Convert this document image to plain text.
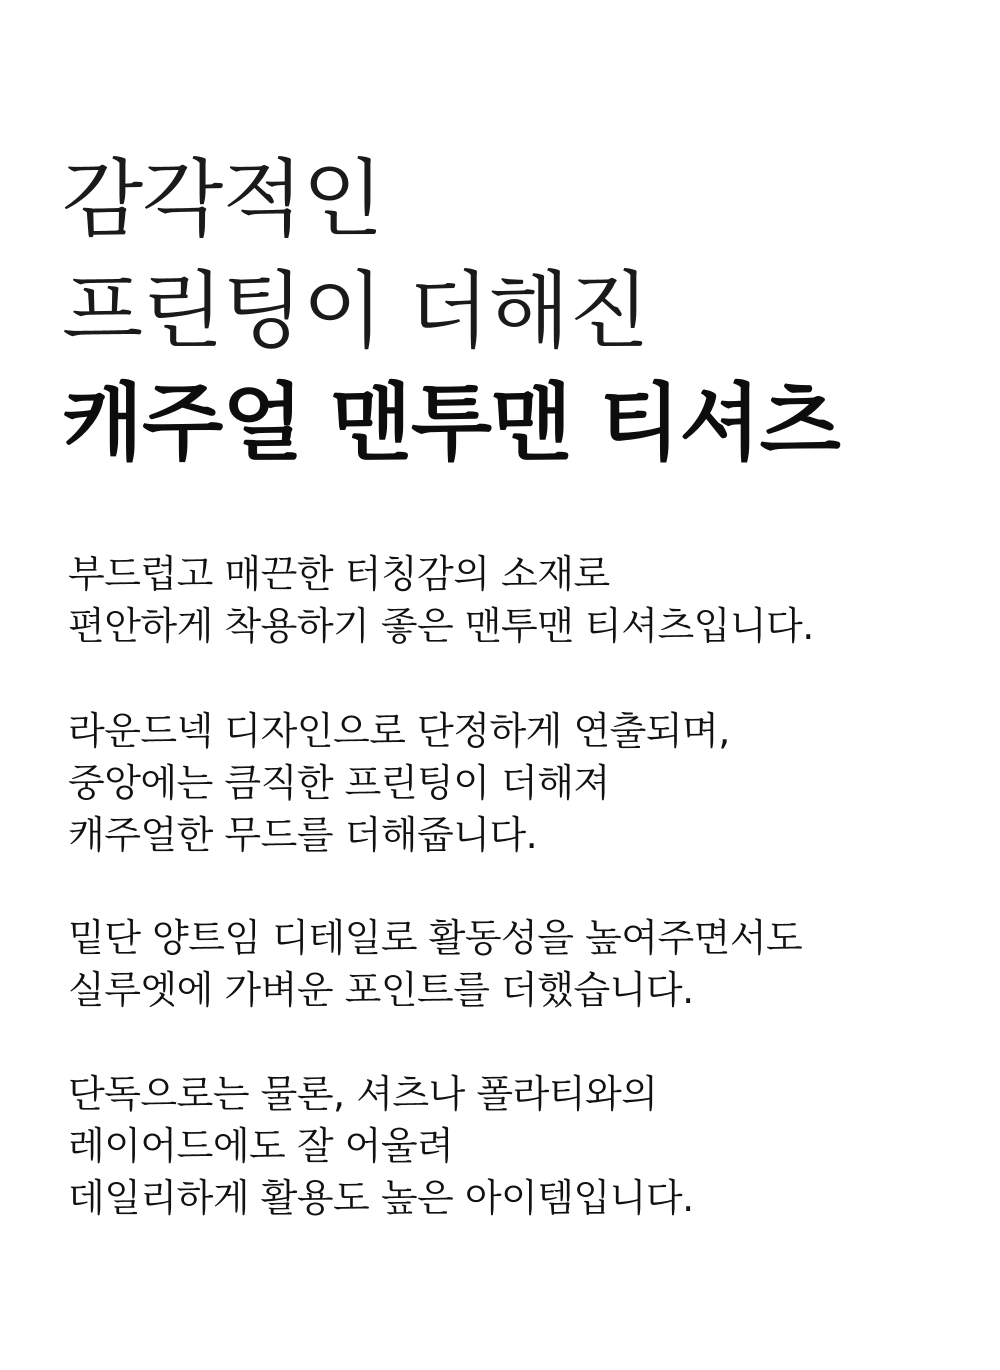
감각적인
프린팅이 더해진
캐주얼 맨투맨 티셔츠

부드럽고 매끈한 터칭감의 소재로
편안하게 착용하기 좋은 맨투맨 티셔츠입니다.

라운드넥 디자인으로 단정하게 연출되며,
중앙에는 큼직한 프린팅이 더해져
캐주얼한 무드를 더해줍니다.

밑단 양트임 디테일로 활동성을 높여주면서도
실루엣에 가벼운 포인트를 더했습니다.

단독으로는 물론, 셔츠나 폴라티와의
레이어드에도 잘 어울려
데일리하게 활용도 높은 아이템입니다.
